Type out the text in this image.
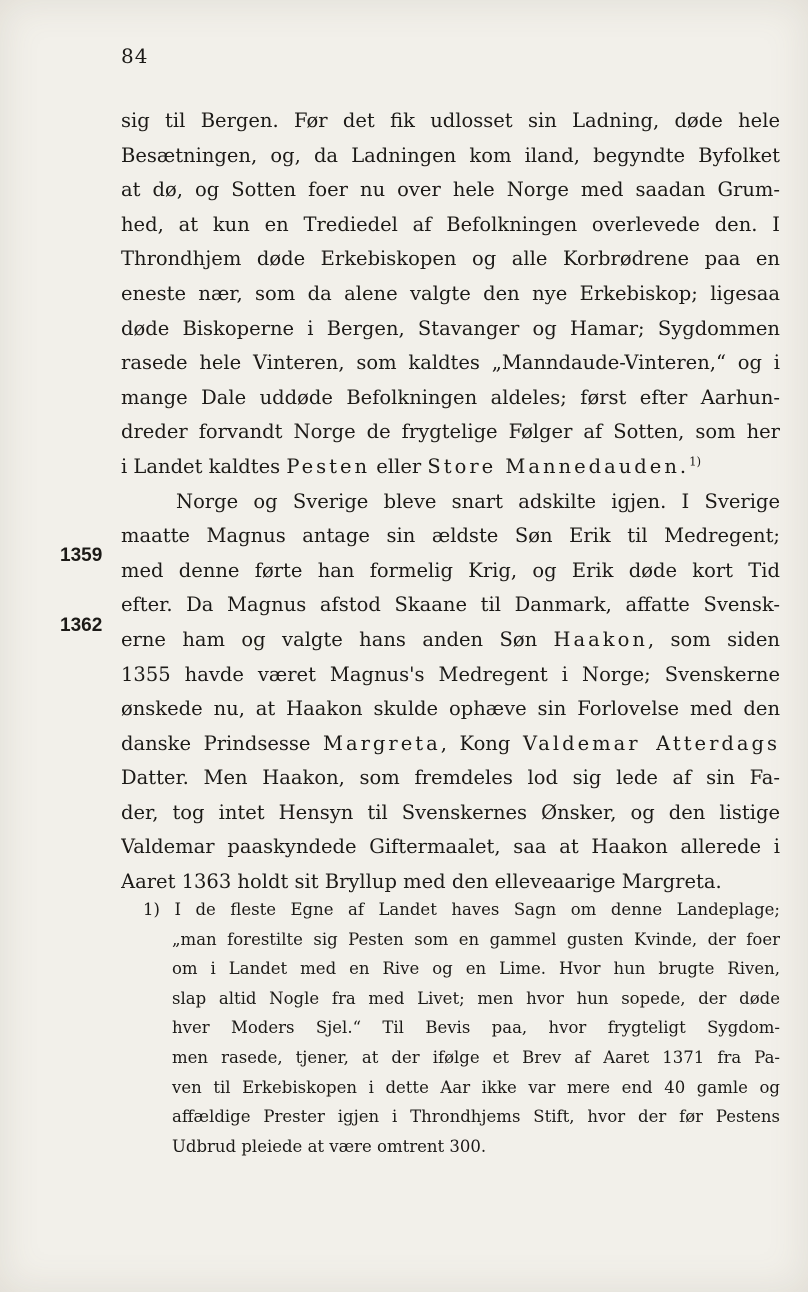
84
1359
1362
sig til Bergen. Før det fik udlosset sin Ladning, døde hele
Besætningen, og, da Ladningen kom iland, begyndte Byfolket
at dø, og Sotten foer nu over hele Norge med saadan Grum-
hed, at kun en Trediedel af Befolkningen overlevede den. I
Throndhjem døde Erkebiskopen og alle Korbrødrene paa en
eneste nær, som da alene valgte den nye Erkebiskop; ligesaa
døde Biskoperne i Bergen, Stavanger og Hamar; Sygdommen
rasede hele Vinteren, som kaldtes „Manndaude-Vinteren,“ og i
mange Dale uddøde Befolkningen aldeles; først efter Aarhun-
dreder forvandt Norge de frygtelige Følger af Sotten, som her
i Landet kaldtes Pesten eller Store Mannedauden.$^{1)}$
Norge og Sverige bleve snart adskilte igjen. I Sverige
maatte Magnus antage sin ældste Søn Erik til Medregent;
med denne førte han formelig Krig, og Erik døde kort Tid
efter. Da Magnus afstod Skaane til Danmark, affatte Svensk-
erne ham og valgte hans anden Søn Haakon, som siden
1355 havde været Magnus's Medregent i Norge; Svenskerne
ønskede nu, at Haakon skulde ophæve sin Forlovelse med den
danske Prindsesse Margreta, Kong Valdemar Atterdags
Datter. Men Haakon, som fremdeles lod sig lede af sin Fa-
der, tog intet Hensyn til Svenskernes Ønsker, og den listige
Valdemar paaskyndede Giftermaalet, saa at Haakon allerede i
Aaret 1363 holdt sit Bryllup med den elleveaarige Margreta.
1) I de fleste Egne af Landet haves Sagn om denne Landeplage;
„man forestilte sig Pesten som en gammel gusten Kvinde, der foer
om i Landet med en Rive og en Lime. Hvor hun brugte Riven,
slap altid Nogle fra med Livet; men hvor hun sopede, der døde
hver Moders Sjel.“ Til Bevis paa, hvor frygteligt Sygdom-
men rasede, tjener, at der ifølge et Brev af Aaret 1371 fra Pa-
ven til Erkebiskopen i dette Aar ikke var mere end 40 gamle og
affældige Prester igjen i Throndhjems Stift, hvor der før Pestens
Udbrud pleiede at være omtrent 300.
